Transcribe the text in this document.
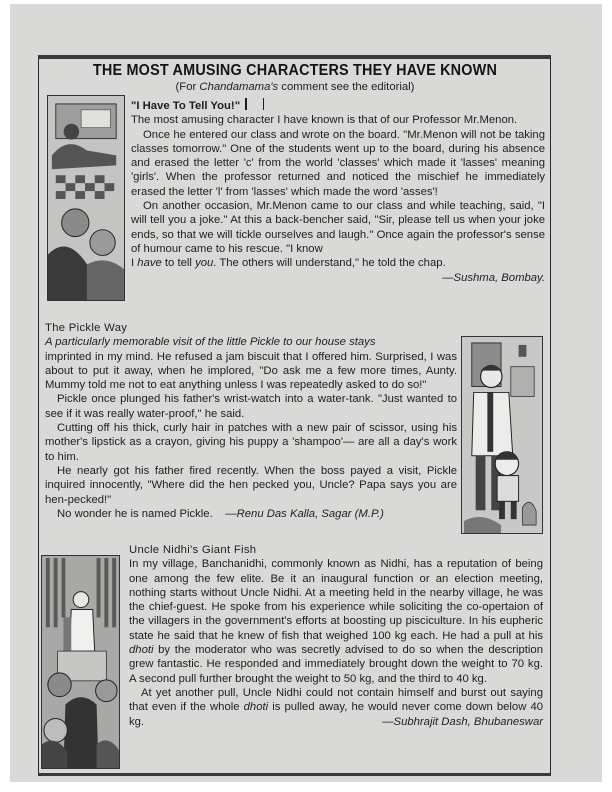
THE MOST AMUSING CHARACTERS THEY HAVE KNOWN
(For Chandamama's comment see the editorial)

"I Have To Tell You!"

The most amusing character I have known is that of our Professor Mr.Menon.

Once he entered our class and wrote on the board. "Mr.Menon will not be taking classes tomorrow." One of the students went up to the board, during his absence and erased the letter 'c' from the world 'classes' which made it 'lasses' meaning 'girls'. When the professor returned and noticed the mischief he immediately erased the letter 'l' from 'lasses' which made the word 'asses'!

On another occasion, Mr.Menon came to our class and while teaching, said, "I will tell you a joke." At this a back-bencher said, "Sir, please tell us when your joke ends, so that we will tickle ourselves and laugh." Once again the professor's sense of humour came to his rescue. "I know

I have to tell you. The others will understand," he told the chap.

—Sushma, Bombay.

The Pickle Way

A particularly memorable visit of the little Pickle to our house stays

imprinted in my mind. He refused a jam biscuit that I offered him. Surprised, I was about to put it away, when he implored, "Do ask me a few more times, Aunty. Mummy told me not to eat anything unless I was repeatedly asked to do so!"

Pickle once plunged his father's wrist-watch into a water-tank. "Just wanted to see if it was really water-proof," he said.

Cutting off his thick, curly hair in patches with a new pair of scissor, using his mother's lipstick as a crayon, giving his puppy a 'shampoo'— are all a day's work to him.

He nearly got his father fired recently. When the boss payed a visit, Pickle inquired innocently, "Where did the hen pecked you, Uncle? Papa says you are hen-pecked!"

No wonder he is named Pickle. —Renu Das Kalla, Sagar (M.P.)

Uncle Nidhi's Giant Fish

In my village, Banchanidhi, commonly known as Nidhi, has a reputation of being one among the few elite. Be it an inaugural function or an election meeting, nothing starts without Uncle Nidhi. At a meeting held in the nearby village, he was the chief-guest. He spoke from his experience while soliciting the co-opertaion of the villagers in the government's efforts at boosting up pisciculture. In his eupheric state he said that he knew of fish that weighed 100 kg each. He had a pull at his dhoti by the moderator who was secretly advised to do so when the description grew fantastic. He responded and immediately brought down the weight to 70 kg. A second pull further brought the weight to 50 kg, and the third to 40 kg.

At yet another pull, Uncle Nidhi could not contain himself and burst out saying that even if the whole dhoti is pulled away, he would never come down below 40 kg.	—Subhrajit Dash, Bhubaneswar
